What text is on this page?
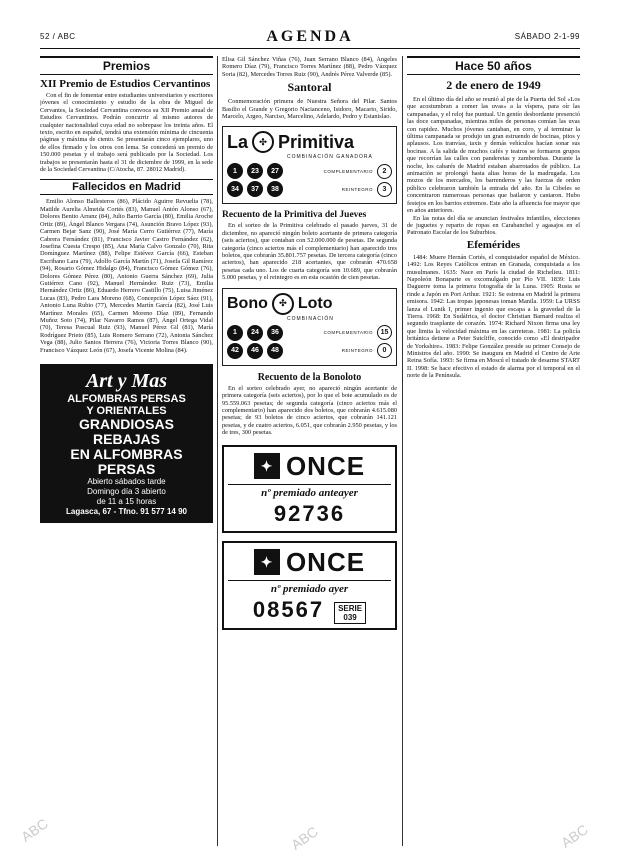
52 / ABC	AGENDA	SÁBADO 2-1-99
Premios
XII Premio de Estudios Cervantinos

Con el fin de fomentar entre estudiantes universitarios y escritores jóvenes el conocimiento y estudio de la obra de Miguel de Cervantes, la Sociedad Cervantina convoca su XII Premio anual de Estudios Cervantinos. Podrán concurrir al mismo autores de cualquier nacionalidad cuya edad no sobrepase los treinta años. El texto, escrito en español, tendrá una extensión mínima de cincuenta páginas y máxima de ciento. Se presentarán cinco ejemplares, uno de ellos firmado y los otros con lema. Se concederá un premio de 150.000 pesetas y el trabajo será publicado por la Sociedad. Los trabajos se presentarán hasta el 31 de diciembre de 1999, en la sede de la Sociedad Cervantina (C/Atocha, 87. 28012 Madrid).

Fallecidos en Madrid

Emilio Alonso Ballesteros (86), Plácido Aguirre Revuelta (78), Matilde Aurelia Almeida Cortés (83), Manuel Antón Alonso (67), Dolores Benito Arranz (84), Julio Barrio García (80), Emilia Aroche Ortiz (89), Ángel Blanco Vergara (74), Asunción Bravo López (93), Carmen Bejar Sanz (90), José María Cerro Gutiérrez (77), María Cabrera Fernández (81), Francisco Javier Castro Fernández (62), Josefina Cuesta Crespo (85), Ana María Calvo Gonzalo (70), Rita Domínguez Martínez (88), Felipe Estévez García (66), Esteban Escribano Lara (79), Adolfo García Martín (71), Josefa Gil Ramírez (94), Rosario Gómez Hidalgo (84), Francisco Gómez Gómez (76), Dolores Gómez Pérez (80), Antonio Guerra Sánchez (69), Julia Gutiérrez Cano (92), Manuel Hernández Ruiz (73), Emilia Hernández Ortiz (86), Eduardo Herrero Castillo (75), Luisa Jiménez Lucas (83), Pedro Lara Moreno (68), Concepción López Sáez (91), Antonio Luna Rubio (77), Mercedes Martín García (82), José Luis Martínez Morales (65), Carmen Moreno Díaz (89), Fernando Muñoz Soto (74), Pilar Navarro Ramos (87), Ángel Ortega Vidal (70), Teresa Pascual Ruiz (93), Manuel Pérez Gil (81), María Rodríguez Prieto (85), Luis Romero Serrano (72), Antonia Sánchez Vega (88), Julio Santos Herrera (76), Victoria Torres Blanco (90), Francisco Vázquez León (67), Josefa Vicente Molina (84).

Art y Mas
ALFOMBRAS PERSAS
Y ORIENTALES
GRANDIOSAS REBAJAS
EN ALFOMBRAS PERSAS
Abierto sábados tarde
Domingo día 3 abierto
de 11 a 15 horas
Lagasca, 67 - Tfno. 91 577 14 90

Elisa Gil Sánchez Viñas (76), Juan Serrano Blanco (84), Ángeles Romero Díaz (79), Francisco Torres Martínez (88), Pedro Vázquez Soria (82), Mercedes Torres Ruiz (90), Andrés Pérez Valverde (85).

Santoral

Conmemoración primera de Nuestra Señora del Pilar. Santos Basilio el Grande y Gregorio Nacianceno, Isidoro, Macario, Sirido, Marcelo, Argeo, Narciso, Marcelino, Adelardo, Pedro y Estanislao.

La	✣ Primitiva
COMBINACIÓN GANADORA
1	23	27	COMPLEMENTARIO	2
34	37	38	REINTEGRO	3
Recuento de la Primitiva del Jueves

En el sorteo de la Primitiva celebrado el pasado jueves, 31 de diciembre, no apareció ningún boleto acertante de primera categoría (seis aciertos), que contaban con 52.000.000 de pesetas. De segunda categoría (cinco aciertos más el complementario) han aparecido tres boletos, que cobrarán 35.801.757 pesetas. De tercera categoría (cinco aciertos), han aparecido 218 acertantes, que cobrarán 470.658 pesetas cada uno. Los de cuarta categoría son 10.689, que cobrarán 5.000 pesetas, y el reintegro es en esta ocasión de cien pesetas.

Bono	✣ Loto
COMBINACIÓN
1	24	36	COMPLEMENTARIO	15
42	46	48	REINTEGRO	0
Recuento de la Bonoloto

En el sorteo celebrado ayer, no apareció ningún acertante de primera categoría (seis aciertos), por lo que el bote acumulado es de 95.559.063 pesetas; de segunda categoría (cinco aciertos más el complementario) han aparecido dos boletos, que cobrarán 4.615.080 pesetas; de 93 boletos de cinco aciertos, que cobrarán 141.121 pesetas, y de cuatro aciertos, 6.051, que cobrarán 2.950 pesetas, y los de tres, 300 pesetas.

✦ ONCE
nº premiado anteayer
92736
✦ ONCE
nº premiado ayer
08567 SERIE
039
Hace 50 años
2 de enero de 1949

En el último día del año se reunió al pie de la Puerta del Sol «Los que acostumbran a comer las uvas» a la víspera, para oír las campanadas, y el reloj fue puntual. Un gentío desbordante presenció las doce campanadas, mientras miles de personas comían las uvas con rapidez. Muchos jóvenes cantaban, en coro, y al terminar la última campanada se produjo un gran estruendo de bocinas, pitos y aplausos. Los tranvías, taxis y demás vehículos hacían sonar sus bocinas. A la salida de muchos cafés y teatros se formaron grupos que recorrían las calles con panderetas y zambombas. Durante la noche, los cabarés de Madrid estaban abarrotados de público. La animación se prolongó hasta altas horas de la madrugada. Los mozos de los mercados, los barrenderos y las fuerzas de orden público celebraron también la entrada del año. En la Cibeles se concentraron numerosas personas que bailaron y cantaron. Hubo festejos en los barrios extremos. Este año la afluencia fue mayor que en años anteriores.

En las notas del día se anuncian festivales infantiles, elecciones de juguetes y reparto de ropas en Carabanchel y agasajos en el Patronato Escolar de los Suburbios.

Efemérides

1484: Muere Hernán Cortés, el conquistador español de México. 1492: Los Reyes Católicos entran en Granada, conquistada a los musulmanes. 1635: Nace en París la ciudad de Richelieu. 1811: Napoleón Bonaparte es excomulgado por Pío VII. 1839: Luis Daguerre toma la primera fotografía de la Luna. 1905: Rusia se rinde a Japón en Port Arthur. 1921: Se estrena en Madrid la primera emisora. 1942: Las tropas japonesas toman Manila. 1959: La URSS lanza el Lunik I, primer ingenio que escapa a la gravedad de la Tierra. 1968: En Sudáfrica, el doctor Christian Barnard realiza el segundo trasplante de corazón. 1974: Richard Nixon firma una ley que limita la velocidad máxima en las carreteras. 1981: La policía británica detiene a Peter Sutcliffe, conocido como «El destripador de Yorkshire». 1983: Felipe González preside su primer Consejo de Ministros del año. 1990: Se inaugura en Madrid el Centro de Arte Reina Sofía. 1993: Se firma en Moscú el tratado de desarme START II. 1998: Se hace efectivo el estado de alarma por el temporal en el norte de la Península.

ABC	ABC	ABC
